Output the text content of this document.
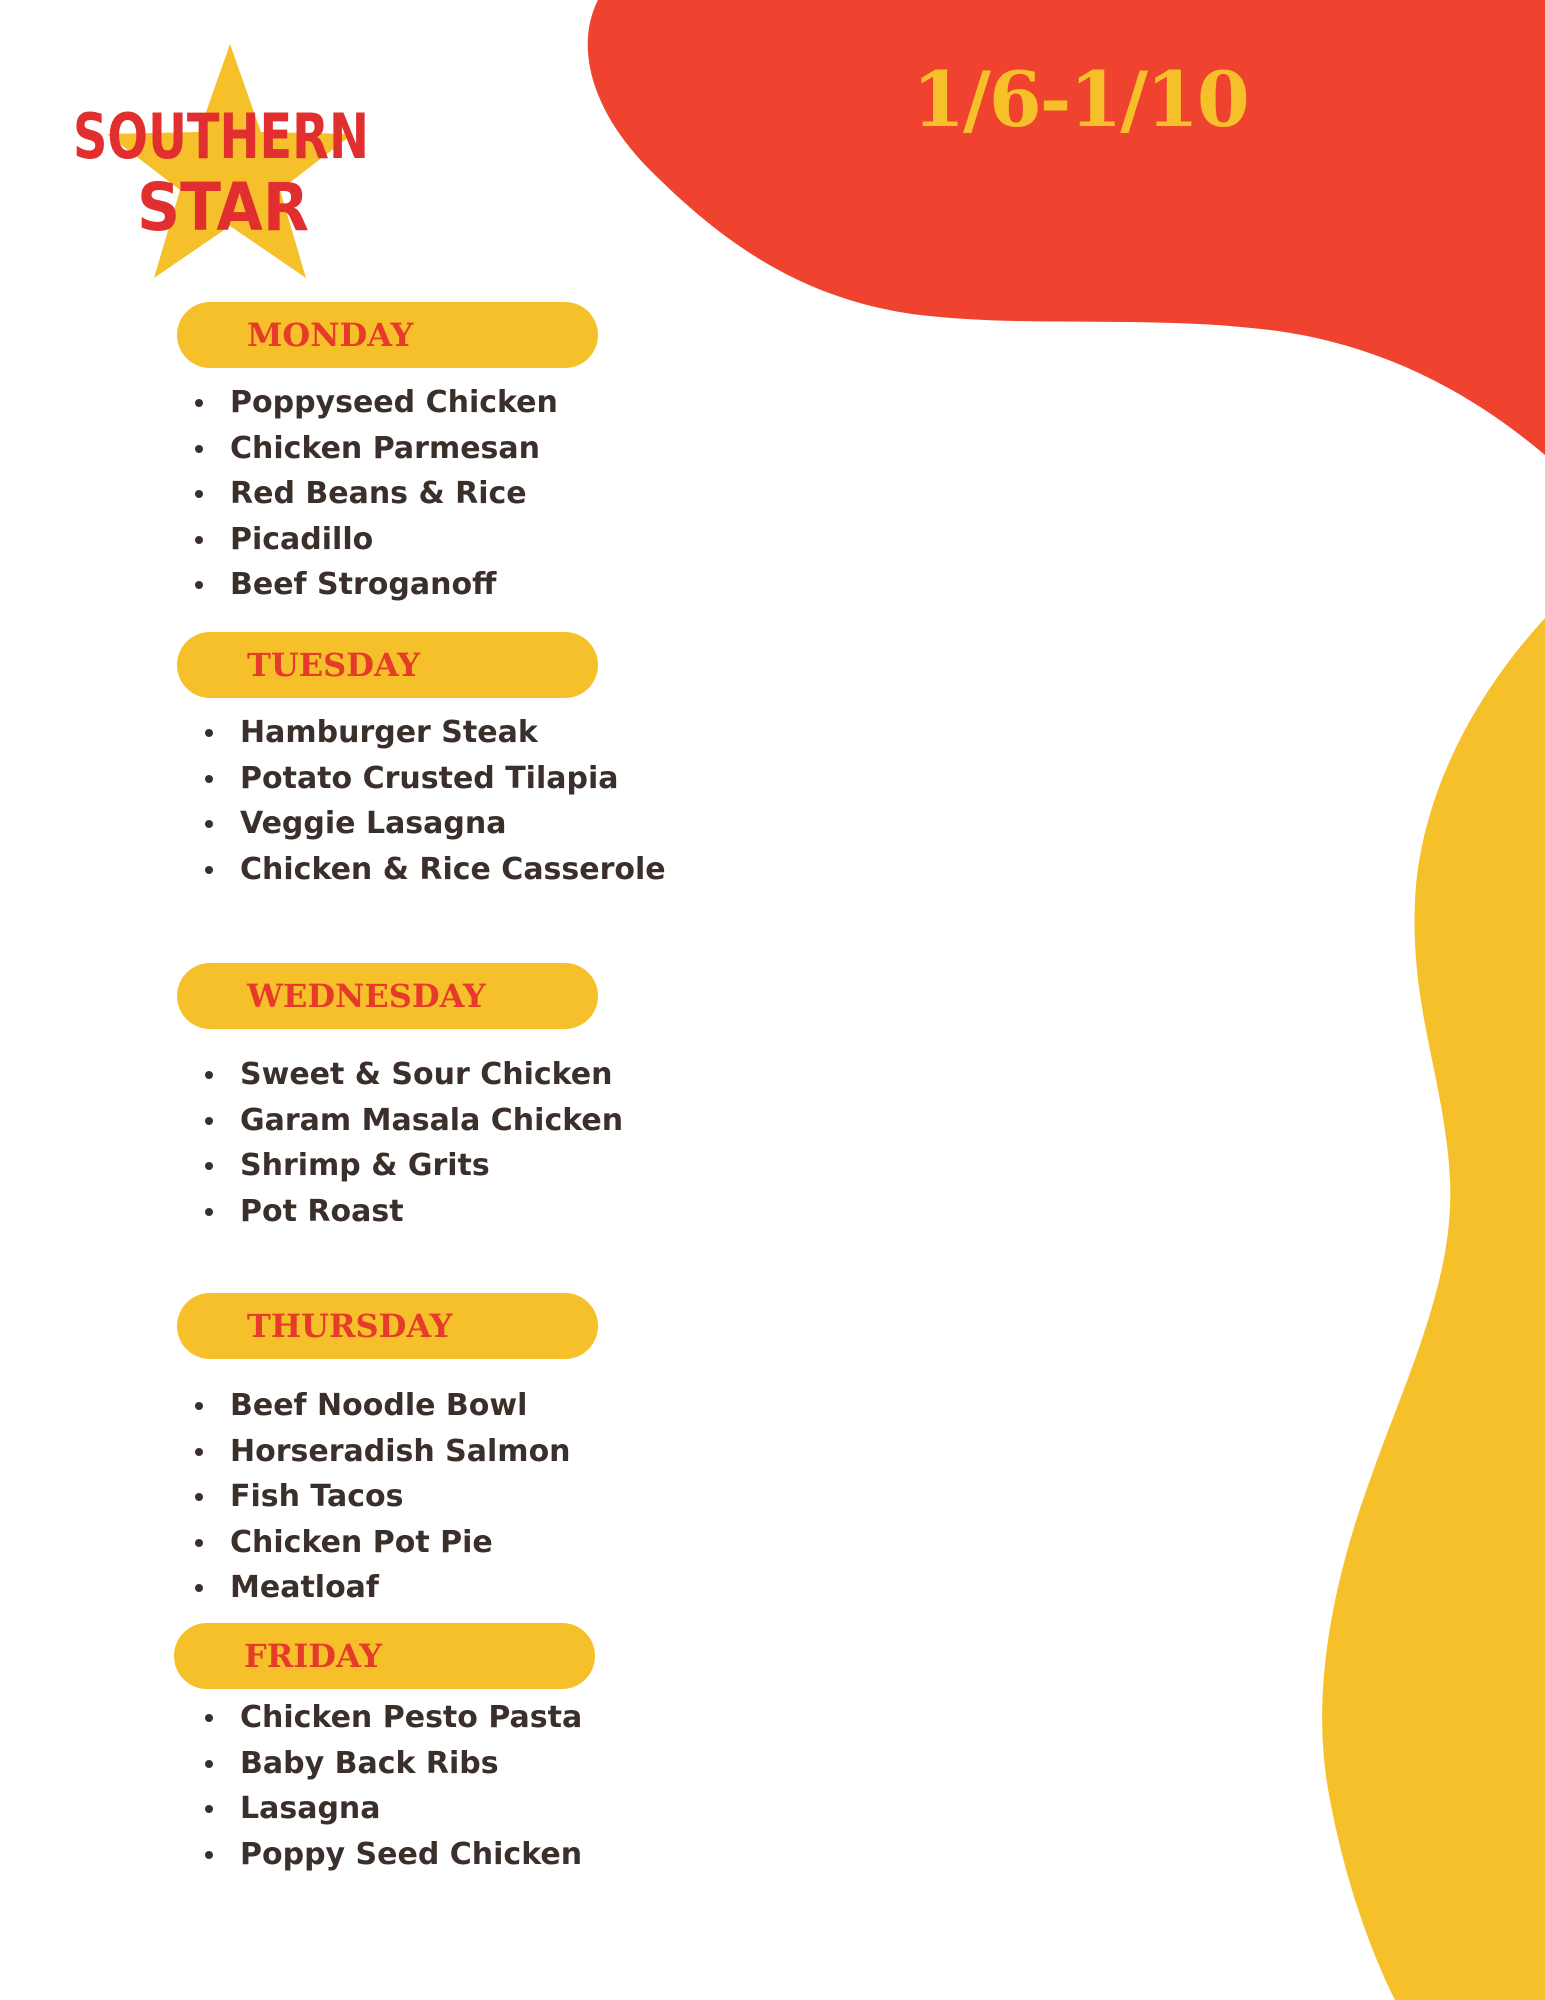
SOUTHERN
STAR
1/6-1/10
MONDAY
Poppyseed Chicken
Chicken Parmesan
Red Beans & Rice
Picadillo
Beef Stroganoff
TUESDAY
Hamburger Steak
Potato Crusted Tilapia
Veggie Lasagna
Chicken & Rice Casserole
WEDNESDAY
Sweet & Sour Chicken
Garam Masala Chicken
Shrimp & Grits
Pot Roast
THURSDAY
Beef Noodle Bowl
Horseradish Salmon
Fish Tacos
Chicken Pot Pie
Meatloaf
FRIDAY
Chicken Pesto Pasta
Baby Back Ribs
Lasagna
Poppy Seed Chicken
